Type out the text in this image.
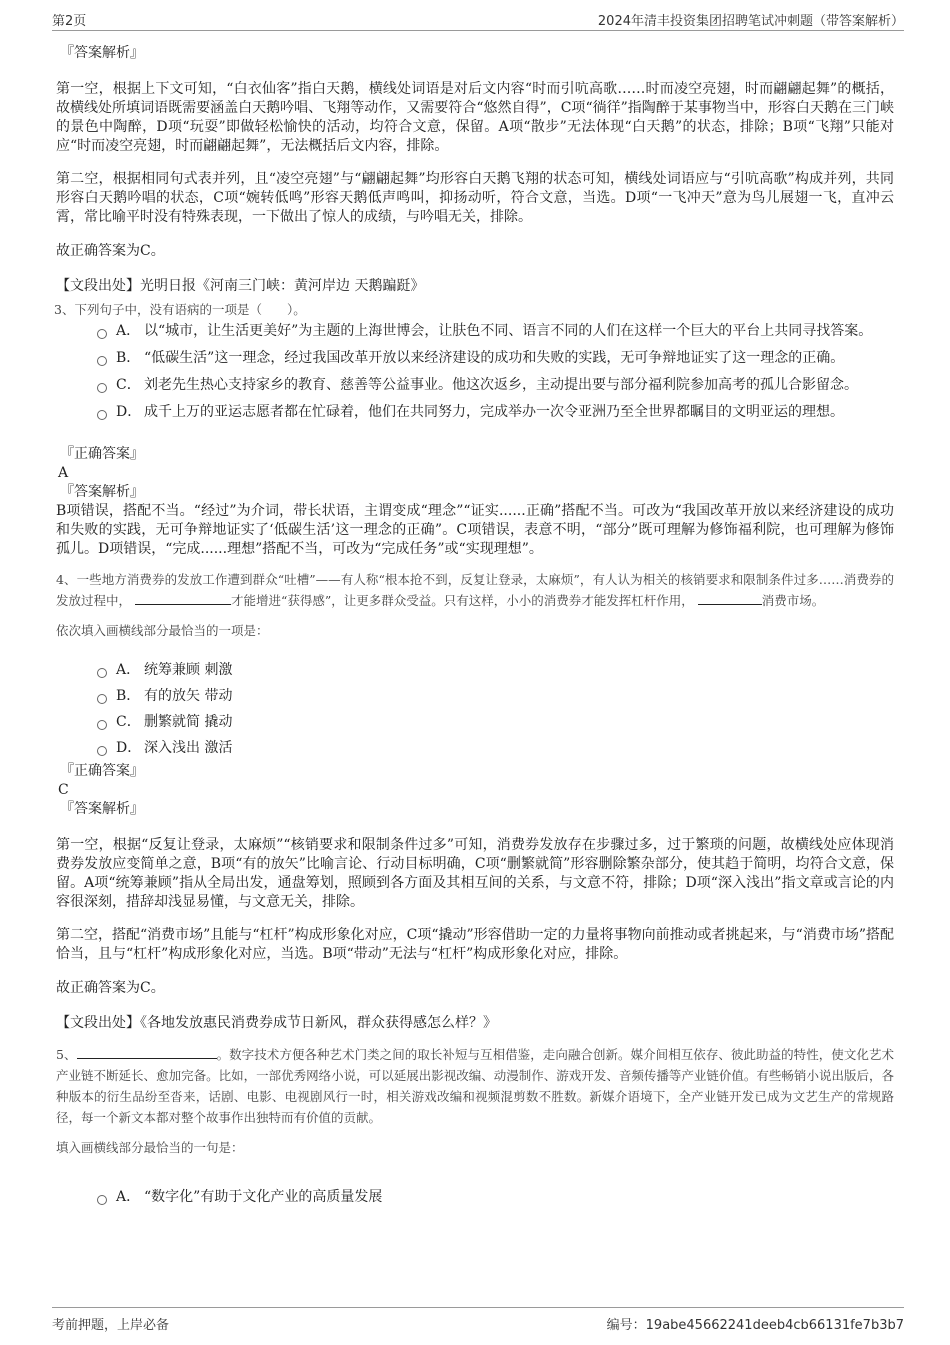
第2页	2024年清丰投资集团招聘笔试冲刺题（带答案解析）

『答案解析』

第一空，根据上下文可知，“白衣仙客”指白天鹅，横线处词语是对后文内容“时而引吭高歌……时而凌空亮翅，时而翩翩起舞”的概括，故横线处所填词语既需要涵盖白天鹅吟唱、飞翔等动作，又需要符合“悠然自得”，C项“徜徉”指陶醉于某事物当中，形容白天鹅在三门峡的景色中陶醉，D项“玩耍”即做轻松愉快的活动，均符合文意，保留。A项“散步”无法体现“白天鹅”的状态，排除；B项“飞翔”只能对应“时而凌空亮翅，时而翩翩起舞”，无法概括后文内容，排除。

第二空，根据相同句式表并列，且“凌空亮翅”与“翩翩起舞”均形容白天鹅飞翔的状态可知，横线处词语应与“引吭高歌”构成并列，共同形容白天鹅吟唱的状态，C项“婉转低鸣”形容天鹅低声鸣叫，抑扬动听，符合文意，当选。D项“一飞冲天”意为鸟儿展翅一飞，直冲云霄，常比喻平时没有特殊表现，一下做出了惊人的成绩，与吟唱无关，排除。

故正确答案为C。

【文段出处】光明日报《河南三门峡：黄河岸边 天鹅蹁跹》

3、下列句子中，没有语病的一项是（　　）。

A． 以“城市，让生活更美好”为主题的上海世博会，让肤色不同、语言不同的人们在这样一个巨大的平台上共同寻找答案。
B． “低碳生活”这一理念，经过我国改革开放以来经济建设的成功和失败的实践，无可争辩地证实了这一理念的正确。
C． 刘老先生热心支持家乡的教育、慈善等公益事业。他这次返乡，主动提出要与部分福利院参加高考的孤儿合影留念。
D． 成千上万的亚运志愿者都在忙碌着，他们在共同努力，完成举办一次令亚洲乃至全世界都瞩目的文明亚运的理想。

『正确答案』

A

『答案解析』

B项错误，搭配不当。“经过”为介词，带长状语，主谓变成“理念”“证实......正确”搭配不当。可改为“我国改革开放以来经济建设的成功和失败的实践，无可争辩地证实了‘低碳生活’这一理念的正确”。C项错误，表意不明，“部分”既可理解为修饰福利院，也可理解为修饰孤儿。D项错误，“完成......理想”搭配不当，可改为“完成任务”或“实现理想”。

4、一些地方消费券的发放工作遭到群众“吐槽”——有人称“根本抢不到，反复让登录，太麻烦”，有人认为相关的核销要求和限制条件过多……消费券的发放过程中，	才能增进“获得感”，让更多群众受益。只有这样，小小的消费券才能发挥杠杆作用，	消费市场。

依次填入画横线部分最恰当的一项是：

A． 统筹兼顾 刺激
B． 有的放矢 带动
C． 删繁就简 撬动
D． 深入浅出 激活

『正确答案』

C

『答案解析』

第一空，根据“反复让登录，太麻烦”“核销要求和限制条件过多”可知，消费券发放存在步骤过多，过于繁琐的问题，故横线处应体现消费券发放应变简单之意，B项“有的放矢”比喻言论、行动目标明确，C项“删繁就简”形容删除繁杂部分，使其趋于简明，均符合文意，保留。A项“统筹兼顾”指从全局出发，通盘筹划，照顾到各方面及其相互间的关系，与文意不符，排除；D项“深入浅出”指文章或言论的内容很深刻，措辞却浅显易懂，与文意无关，排除。

第二空，搭配“消费市场”且能与“杠杆”构成形象化对应，C项“撬动”形容借助一定的力量将事物向前推动或者挑起来，与“消费市场”搭配恰当，且与“杠杆”构成形象化对应，当选。B项“带动”无法与“杠杆”构成形象化对应，排除。

故正确答案为C。

【文段出处】《各地发放惠民消费券成节日新风，群众获得感怎么样？》

5、	。数字技术方便各种艺术门类之间的取长补短与互相借鉴，走向融合创新。媒介间相互依存、彼此助益的特性，使文化艺术产业链不断延长、愈加完备。比如，一部优秀网络小说，可以延展出影视改编、动漫制作、游戏开发、音频传播等产业链价值。有些畅销小说出版后，各种版本的衍生品纷至沓来，话剧、电影、电视剧风行一时，相关游戏改编和视频混剪数不胜数。新媒介语境下，全产业链开发已成为文艺生产的常规路径，每一个新文本都对整个故事作出独特而有价值的贡献。

填入画横线部分最恰当的一句是：

A． “数字化”有助于文化产业的高质量发展
考前押题，上岸必备	编号：19abe45662241deeb4cb66131fe7b3b7
